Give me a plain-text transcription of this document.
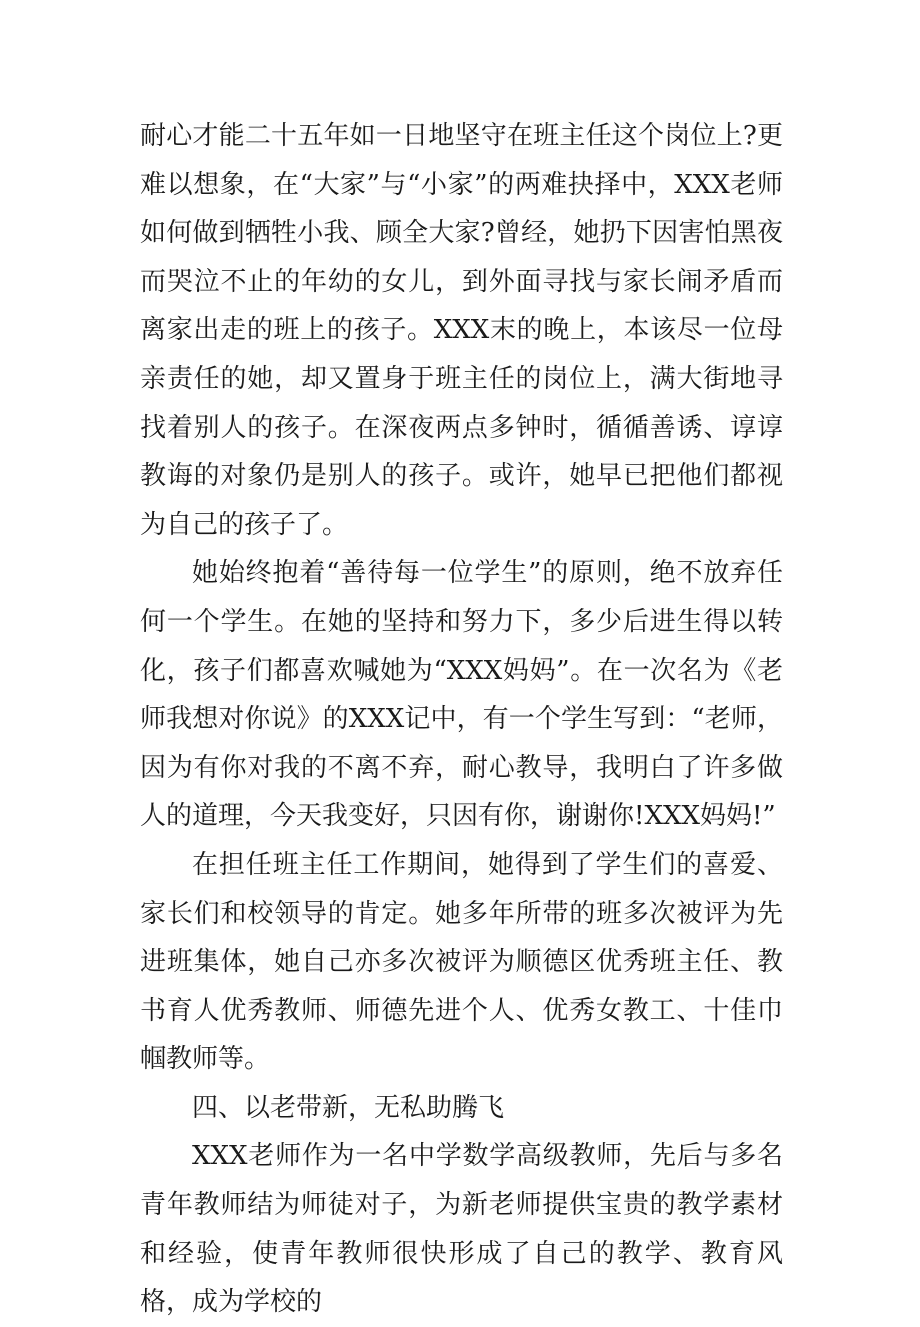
耐心才能二十五年如一日地坚守在班主任这个岗位上?更难以想象，在“大家”与“小家”的两难抉择中，XXX老师如何做到牺牲小我、顾全大家?曾经，她扔下因害怕黑夜而哭泣不止的年幼的女儿，到外面寻找与家长闹矛盾而离家出走的班上的孩子。XXX末的晚上，本该尽一位母亲责任的她，却又置身于班主任的岗位上，满大街地寻找着别人的孩子。在深夜两点多钟时，循循善诱、谆谆教诲的对象仍是别人的孩子。或许，她早已把他们都视为自己的孩子了。

她始终抱着“善待每一位学生”的原则，绝不放弃任何一个学生。在她的坚持和努力下，多少后进生得以转化，孩子们都喜欢喊她为“XXX妈妈”。在一次名为《老师我想对你说》的XXX记中，有一个学生写到：“老师，因为有你对我的不离不弃，耐心教导，我明白了许多做人的道理，今天我变好，只因有你，谢谢你!XXX妈妈!”

在担任班主任工作期间，她得到了学生们的喜爱、家长们和校领导的肯定。她多年所带的班多次被评为先进班集体，她自己亦多次被评为顺德区优秀班主任、教书育人优秀教师、师德先进个人、优秀女教工、十佳巾帼教师等。

四、以老带新，无私助腾飞

XXX老师作为一名中学数学高级教师，先后与多名青年教师结为师徒对子，为新老师提供宝贵的教学素材和经验，使青年教师很快形成了自己的教学、教育风格，成为学校的
